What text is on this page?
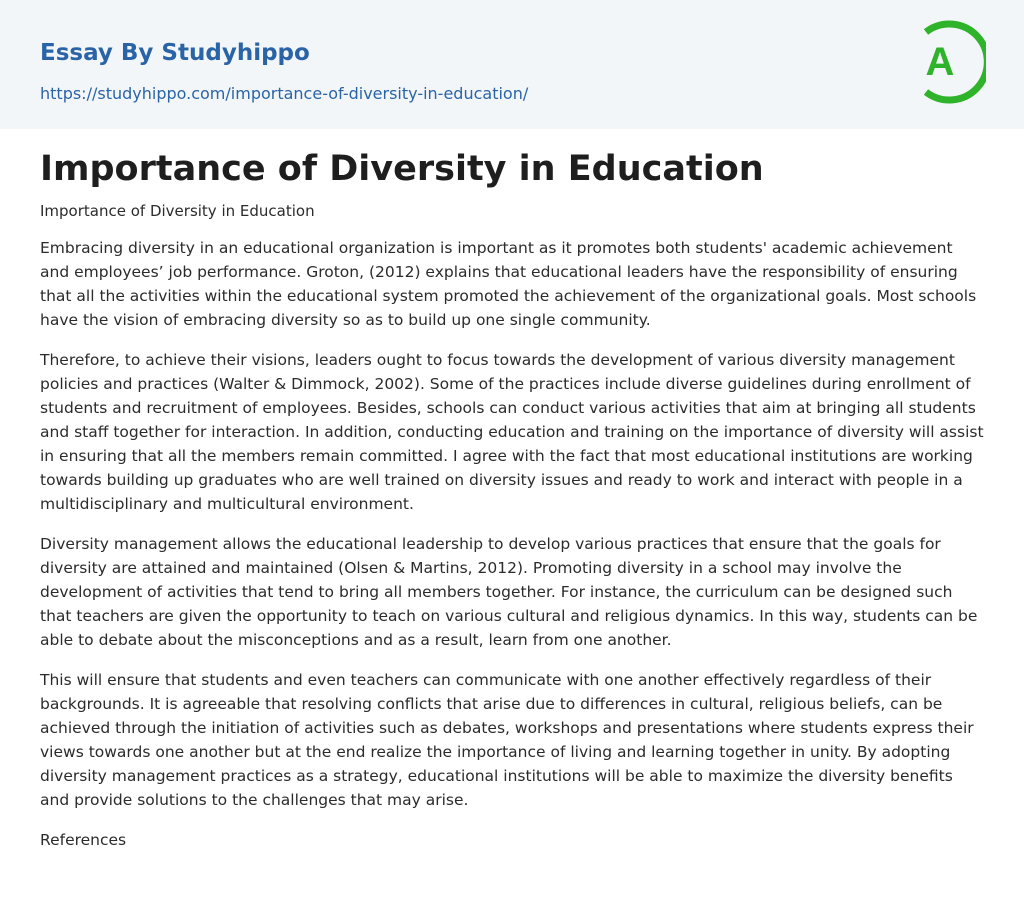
Essay By Studyhippo
https://studyhippo.com/importance-of-diversity-in-education/
A
Importance of Diversity in Education

Importance of Diversity in Education

Embracing diversity in an educational organization is important as it promotes both students' academic achievement and employees’ job performance. Groton, (2012) explains that educational leaders have the responsibility of ensuring that all the activities within the educational system promoted the achievement of the organizational goals. Most schools have the vision of embracing diversity so as to build up one single community.

Therefore, to achieve their visions, leaders ought to focus towards the development of various diversity management policies and practices (Walter & Dimmock, 2002). Some of the practices include diverse guidelines during enrollment of students and recruitment of employees. Besides, schools can conduct various activities that aim at bringing all students and staff together for interaction. In addition, conducting education and training on the importance of diversity will assist in ensuring that all the members remain committed. I agree with the fact that most educational institutions are working towards building up graduates who are well trained on diversity issues and ready to work and interact with people in a multidisciplinary and multicultural environment.

Diversity management allows the educational leadership to develop various practices that ensure that the goals for diversity are attained and maintained (Olsen & Martins, 2012). Promoting diversity in a school may involve the development of activities that tend to bring all members together. For instance, the curriculum can be designed such that teachers are given the opportunity to teach on various cultural and religious dynamics. In this way, students can be able to debate about the misconceptions and as a result, learn from one another.

This will ensure that students and even teachers can communicate with one another effectively regardless of their backgrounds. It is agreeable that resolving conflicts that arise due to differences in cultural, religious beliefs, can be achieved through the initiation of activities such as debates, workshops and presentations where students express their views towards one another but at the end realize the importance of living and learning together in unity. By adopting diversity management practices as a strategy, educational institutions will be able to maximize the diversity benefits and provide solutions to the challenges that may arise.

References
